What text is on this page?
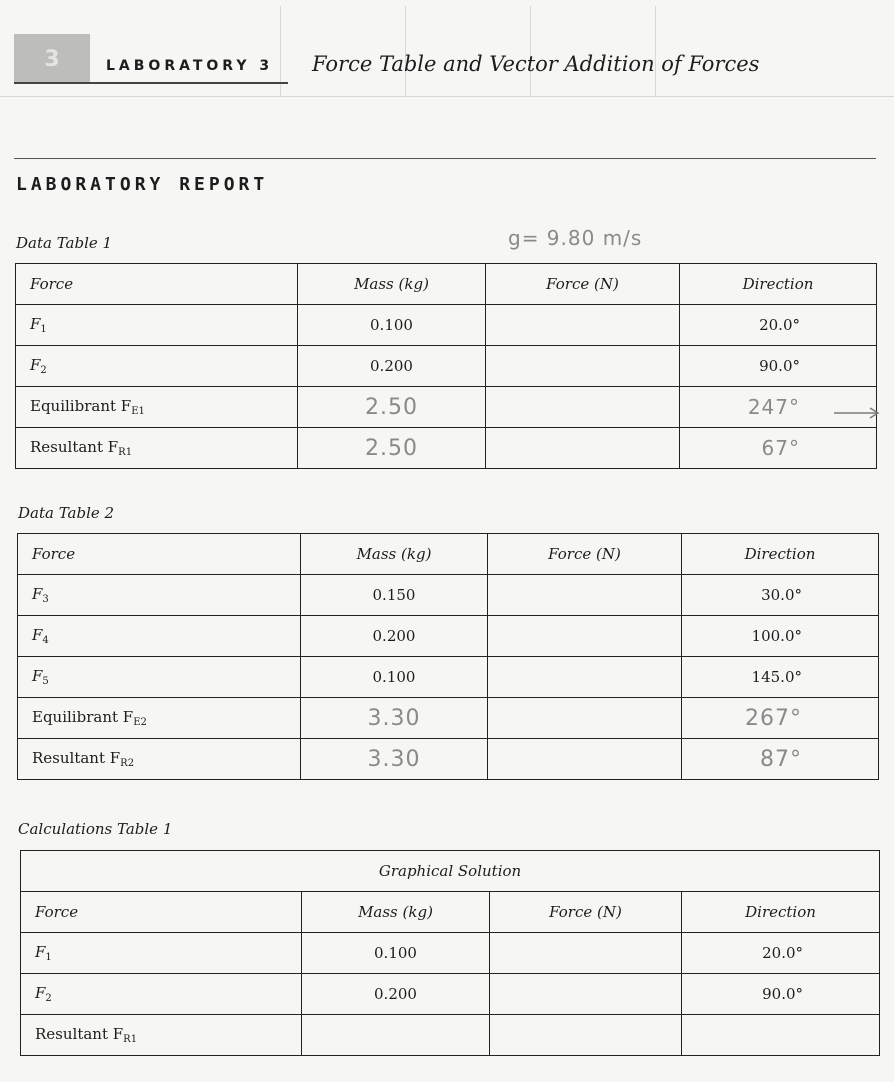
3	LABORATORY 3 Force Table and Vector Addition of Forces
LABORATORY REPORT
Data Table 1	g= 9.80 m/s
Force	Mass (kg)	Force (N)	Direction
$F_1$	0.100		20.0°
$F_2$	0.200		90.0°
Equilibrant $F_{E1}$	2.50		247°
Resultant $F_{R1}$	2.50		67°
Data Table 2
Force	Mass (kg)	Force (N)	Direction
$F_3$	0.150		30.0°
$F_4$	0.200		100.0°
$F_5$	0.100		145.0°
Equilibrant $F_{E2}$	3.30		267°
Resultant $F_{R2}$	3.30		87°
Calculations Table 1
Graphical Solution			
Force	Mass (kg)	Force (N)	Direction
$F_1$	0.100		20.0°
$F_2$	0.200		90.0°
Resultant $F_{R1}$			
